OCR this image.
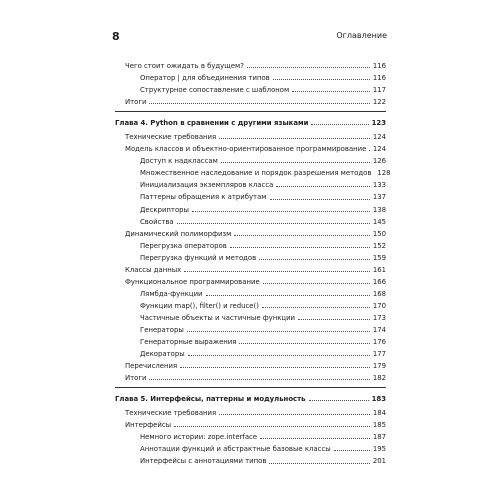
8	Оглавление
Чего стоит ожидать в будущем?	116
Оператор | для объединения типов	116
Структурное сопоставление с шаблоном	117
Итоги	122
Глава 4. Python в сравнении с другими языками	123
Технические требования	124
Модель классов и объектно-ориентированное программирование 124
Доступ к надклассам	126
Множественное наследование и порядок разрешения методов 128
Инициализация экземпляров класса	133
Паттерны обращения к атрибутам	137
Дескрипторы	138
Свойства	145
Динамический полиморфизм	150
Перегрузка операторов	152
Перегрузка функций и методов	159
Классы данных	161
Функциональное программирование	166
Лямбда-функции	168
Функции map(), filter() и reduce()	170
Частичные объекты и частичные функции	173
Генераторы	174
Генераторные выражения	176
Декораторы	177
Перечисления	179
Итоги	182
Глава 5. Интерфейсы, паттерны и модульность	183
Технические требования	184
Интерфейсы	185
Немного истории: zope.interface	187
Аннотации функций и абстрактные базовые классы	195
Интерфейсы с аннотациями типов	201
